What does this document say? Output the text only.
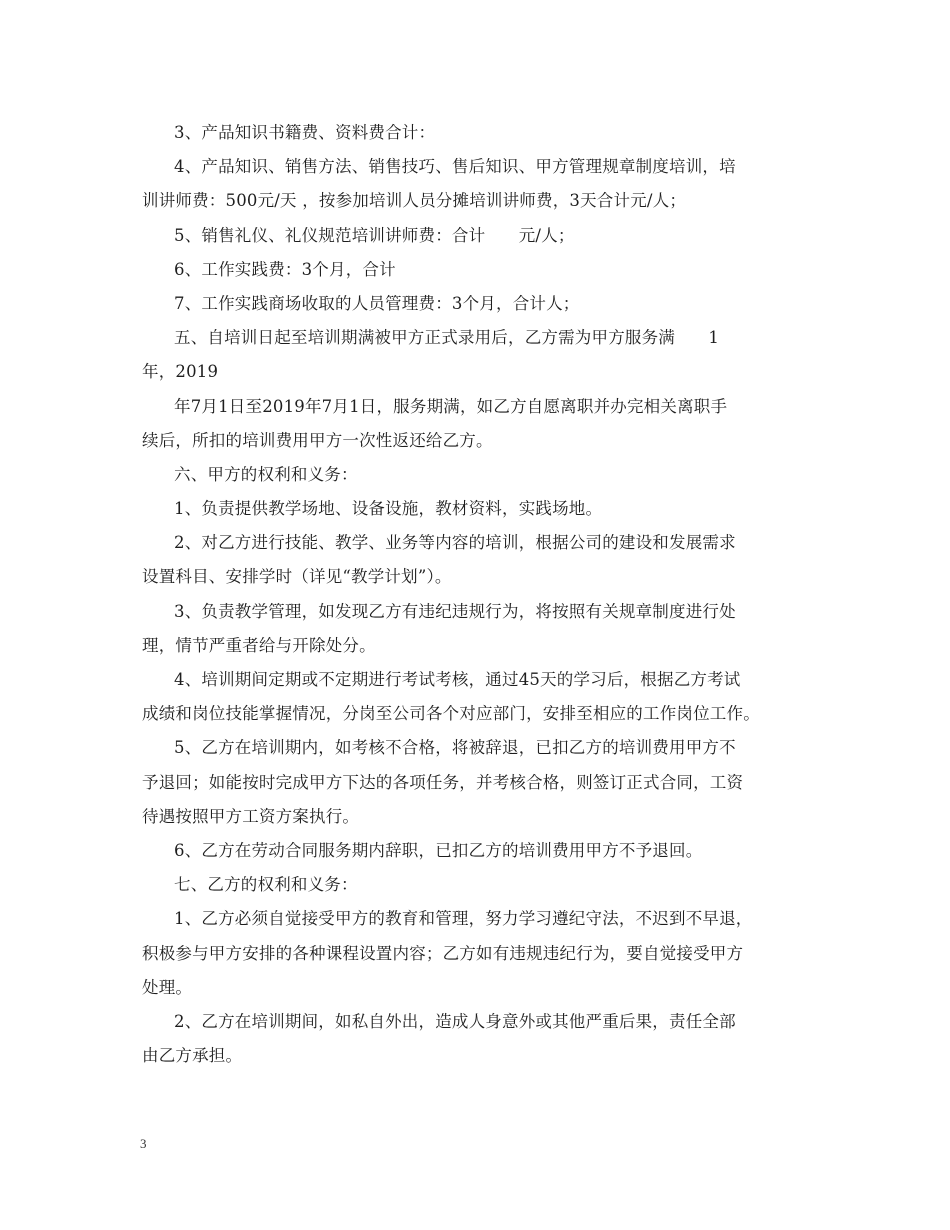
3、产品知识书籍费、资料费合计：
4、产品知识、销售方法、销售技巧、售后知识、甲方管理规章制度培训，培
训讲师费：500元/天 ，按参加培训人员分摊培训讲师费，3天合计元/人；
5、销售礼仪、礼仪规范培训讲师费：合计　　元/人；
6、工作实践费：3个月，合计
7、工作实践商场收取的人员管理费：3个月，合计人；
五、自培训日起至培训期满被甲方正式录用后，乙方需为甲方服务满　　1
年，2019
年7月1日至2019年7月1日，服务期满，如乙方自愿离职并办完相关离职手
续后，所扣的培训费用甲方一次性返还给乙方。
六、甲方的权利和义务：
1、负责提供教学场地、设备设施，教材资料，实践场地。
2、对乙方进行技能、教学、业务等内容的培训，根据公司的建设和发展需求
设置科目、安排学时（详见“教学计划”）。
3、负责教学管理，如发现乙方有违纪违规行为，将按照有关规章制度进行处
理，情节严重者给与开除处分。
4、培训期间定期或不定期进行考试考核，通过45天的学习后，根据乙方考试
成绩和岗位技能掌握情况，分岗至公司各个对应部门，安排至相应的工作岗位工作。
5、乙方在培训期内，如考核不合格，将被辞退，已扣乙方的培训费用甲方不
予退回；如能按时完成甲方下达的各项任务，并考核合格，则签订正式合同，工资
待遇按照甲方工资方案执行。
6、乙方在劳动合同服务期内辞职，已扣乙方的培训费用甲方不予退回。
七、乙方的权利和义务：
1、乙方必须自觉接受甲方的教育和管理，努力学习遵纪守法，不迟到不早退，
积极参与甲方安排的各种课程设置内容；乙方如有违规违纪行为，要自觉接受甲方
处理。
2、乙方在培训期间，如私自外出，造成人身意外或其他严重后果，责任全部
由乙方承担。
3
